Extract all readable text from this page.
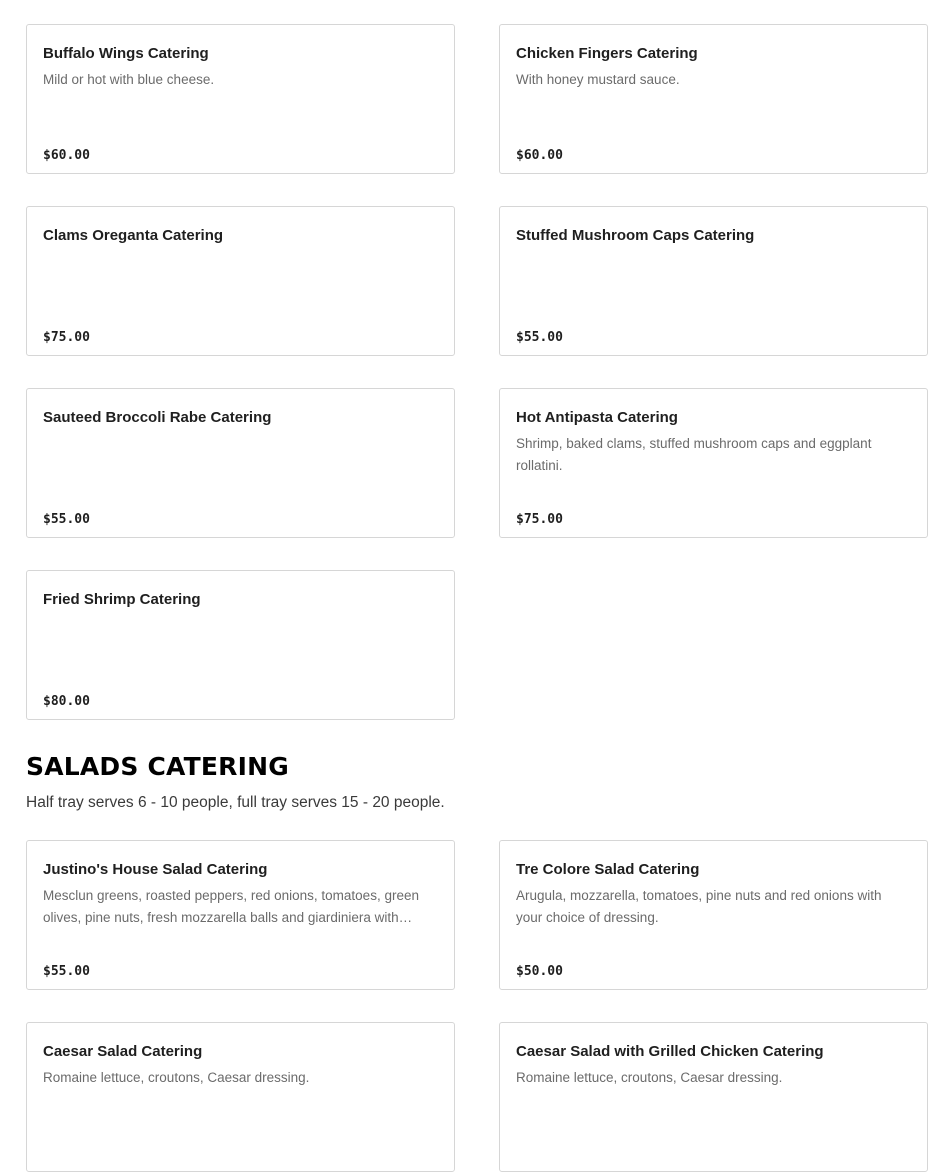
Buffalo Wings Catering
Mild or hot with blue cheese.
$60.00
Chicken Fingers Catering
With honey mustard sauce.
$60.00
Clams Oreganta Catering
$75.00
Stuffed Mushroom Caps Catering
$55.00
Sauteed Broccoli Rabe Catering
$55.00
Hot Antipasta Catering
Shrimp, baked clams, stuffed mushroom caps and eggplant rollatini.
$75.00
Fried Shrimp Catering
$80.00
SALADS CATERING

Half tray serves 6 - 10 people, full tray serves 15 - 20 people.

Justino's House Salad Catering
Mesclun greens, roasted peppers, red onions, tomatoes, green olives, pine nuts, fresh mozzarella balls and giardiniera with…
$55.00
Tre Colore Salad Catering
Arugula, mozzarella, tomatoes, pine nuts and red onions with your choice of dressing.
$50.00
Caesar Salad Catering
Romaine lettuce, croutons, Caesar dressing.
Caesar Salad with Grilled Chicken Catering
Romaine lettuce, croutons, Caesar dressing.
